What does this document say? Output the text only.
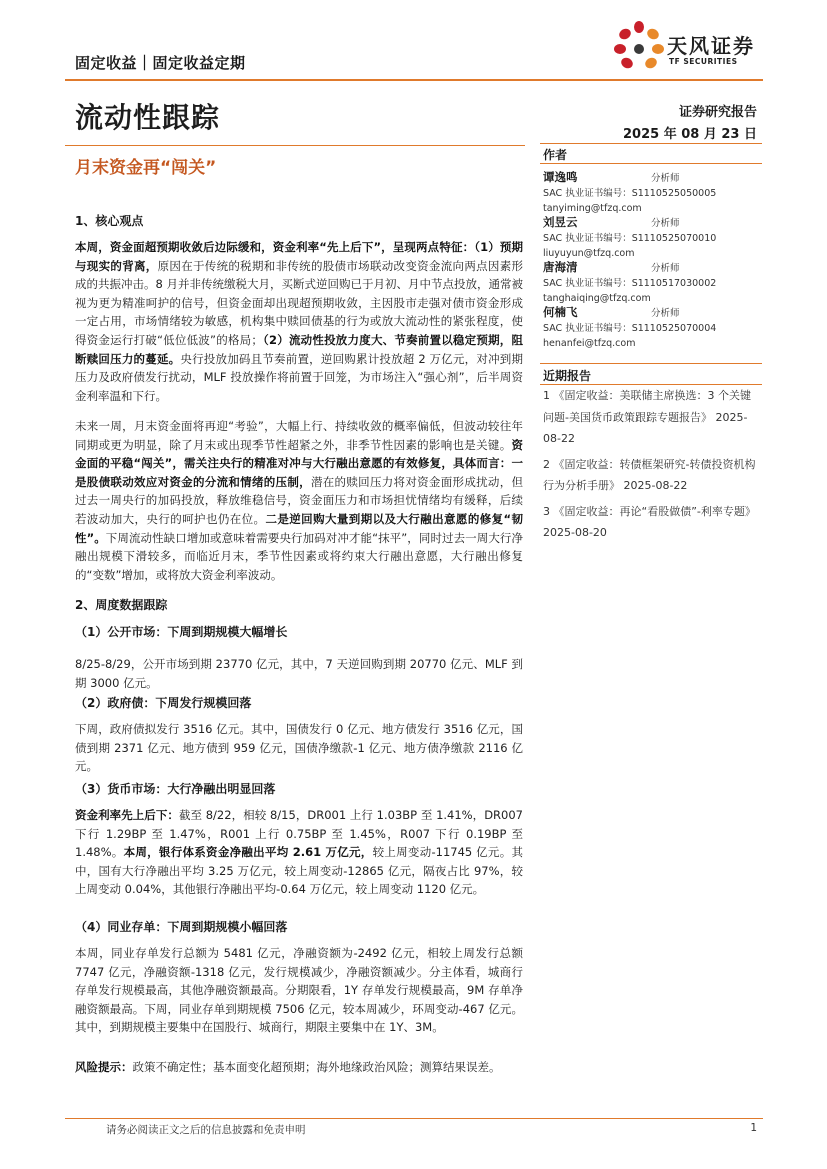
固定收益｜固定收益定期
天风证券
TF SECURITIES
流动性跟踪
月末资金再“闯关”
证券研究报告
2025 年 08 月 23 日
作者
谭逸鸣	分析师
SAC 执业证书编号：S1110525050005
tanyiming@tfzq.com
刘昱云	分析师
SAC 执业证书编号：S1110525070010
liuyuyun@tfzq.com
唐海清	分析师
SAC 执业证书编号：S1110517030002
tanghaiqing@tfzq.com
何楠飞	分析师
SAC 执业证书编号：S1110525070004
henanfei@tfzq.com
近期报告
1 《固定收益：美联储主席换选：3 个关键问题-美国货币政策跟踪专题报告》 2025-08-22
2 《固定收益：转债框架研究-转债投资机构行为分析手册》 2025-08-22
3 《固定收益：再论“看股做债”-利率专题》 2025-08-20
1、核心观点

本周，资金面超预期收敛后边际缓和，资金利率“先上后下”，呈现两点特征：（1）预期与现实的背离，原因在于传统的税期和非传统的股债市场联动改变资金流向两点因素形成的共振冲击。8 月并非传统缴税大月，买断式逆回购已于月初、月中节点投放，通常被视为更为精准呵护的信号，但资金面却出现超预期收敛，主因股市走强对债市资金形成一定占用，市场情绪较为敏感，机构集中赎回债基的行为或放大流动性的紧张程度，使得资金运行打破“低位低波”的格局；（2）流动性投放力度大、节奏前置以稳定预期，阻断赎回压力的蔓延。央行投放加码且节奏前置，逆回购累计投放超 2 万亿元，对冲到期压力及政府债发行扰动，MLF 投放操作将前置于回笼，为市场注入“强心剂”，后半周资金利率温和下行。

未来一周，月末资金面将再迎“考验”，大幅上行、持续收敛的概率偏低，但波动较往年同期或更为明显，除了月末或出现季节性超紧之外，非季节性因素的影响也是关键。资金面的平稳“闯关”，需关注央行的精准对冲与大行融出意愿的有效修复，具体而言：一是股债联动效应对资金的分流和情绪的压制，潜在的赎回压力将对资金面形成扰动，但过去一周央行的加码投放，释放维稳信号，资金面压力和市场担忧情绪均有缓释，后续若波动加大，央行的呵护也仍在位。二是逆回购大量到期以及大行融出意愿的修复“韧性”。下周流动性缺口增加或意味着需要央行加码对冲才能“抹平”，同时过去一周大行净融出规模下滑较多，而临近月末，季节性因素或将约束大行融出意愿，大行融出修复的“变数”增加，或将放大资金利率波动。

2、周度数据跟踪
（1）公开市场：下周到期规模大幅增长

8/25-8/29，公开市场到期 23770 亿元，其中，7 天逆回购到期 20770 亿元、MLF 到期 3000 亿元。

（2）政府债：下周发行规模回落

下周，政府债拟发行 3516 亿元。其中，国债发行 0 亿元、地方债发行 3516 亿元，国债到期 2371 亿元、地方债到 959 亿元，国债净缴款-1 亿元、地方债净缴款 2116 亿元。

（3）货币市场：大行净融出明显回落

资金利率先上后下：截至 8/22，相较 8/15，DR001 上行 1.03BP 至 1.41%，DR007 下行 1.29BP 至 1.47%，R001 上行 0.75BP 至 1.45%，R007 下行 0.19BP 至 1.48%。本周，银行体系资金净融出平均 2.61 万亿元，较上周变动-11745 亿元。其中，国有大行净融出平均 3.25 万亿元，较上周变动-12865 亿元，隔夜占比 97%，较上周变动 0.04%，其他银行净融出平均-0.64 万亿元，较上周变动 1120 亿元。

（4）同业存单：下周到期规模小幅回落

本周，同业存单发行总额为 5481 亿元，净融资额为-2492 亿元，相较上周发行总额 7747 亿元，净融资额-1318 亿元，发行规模减少，净融资额减少。分主体看，城商行存单发行规模最高，其他净融资额最高。分期限看，1Y 存单发行规模最高，9M 存单净融资额最高。下周，同业存单到期规模 7506 亿元，较本周减少，环周变动-467 亿元。其中，到期规模主要集中在国股行、城商行，期限主要集中在 1Y、3M。

风险提示：政策不确定性；基本面变化超预期；海外地缘政治风险；测算结果误差。

请务必阅读正文之后的信息披露和免责申明	1
